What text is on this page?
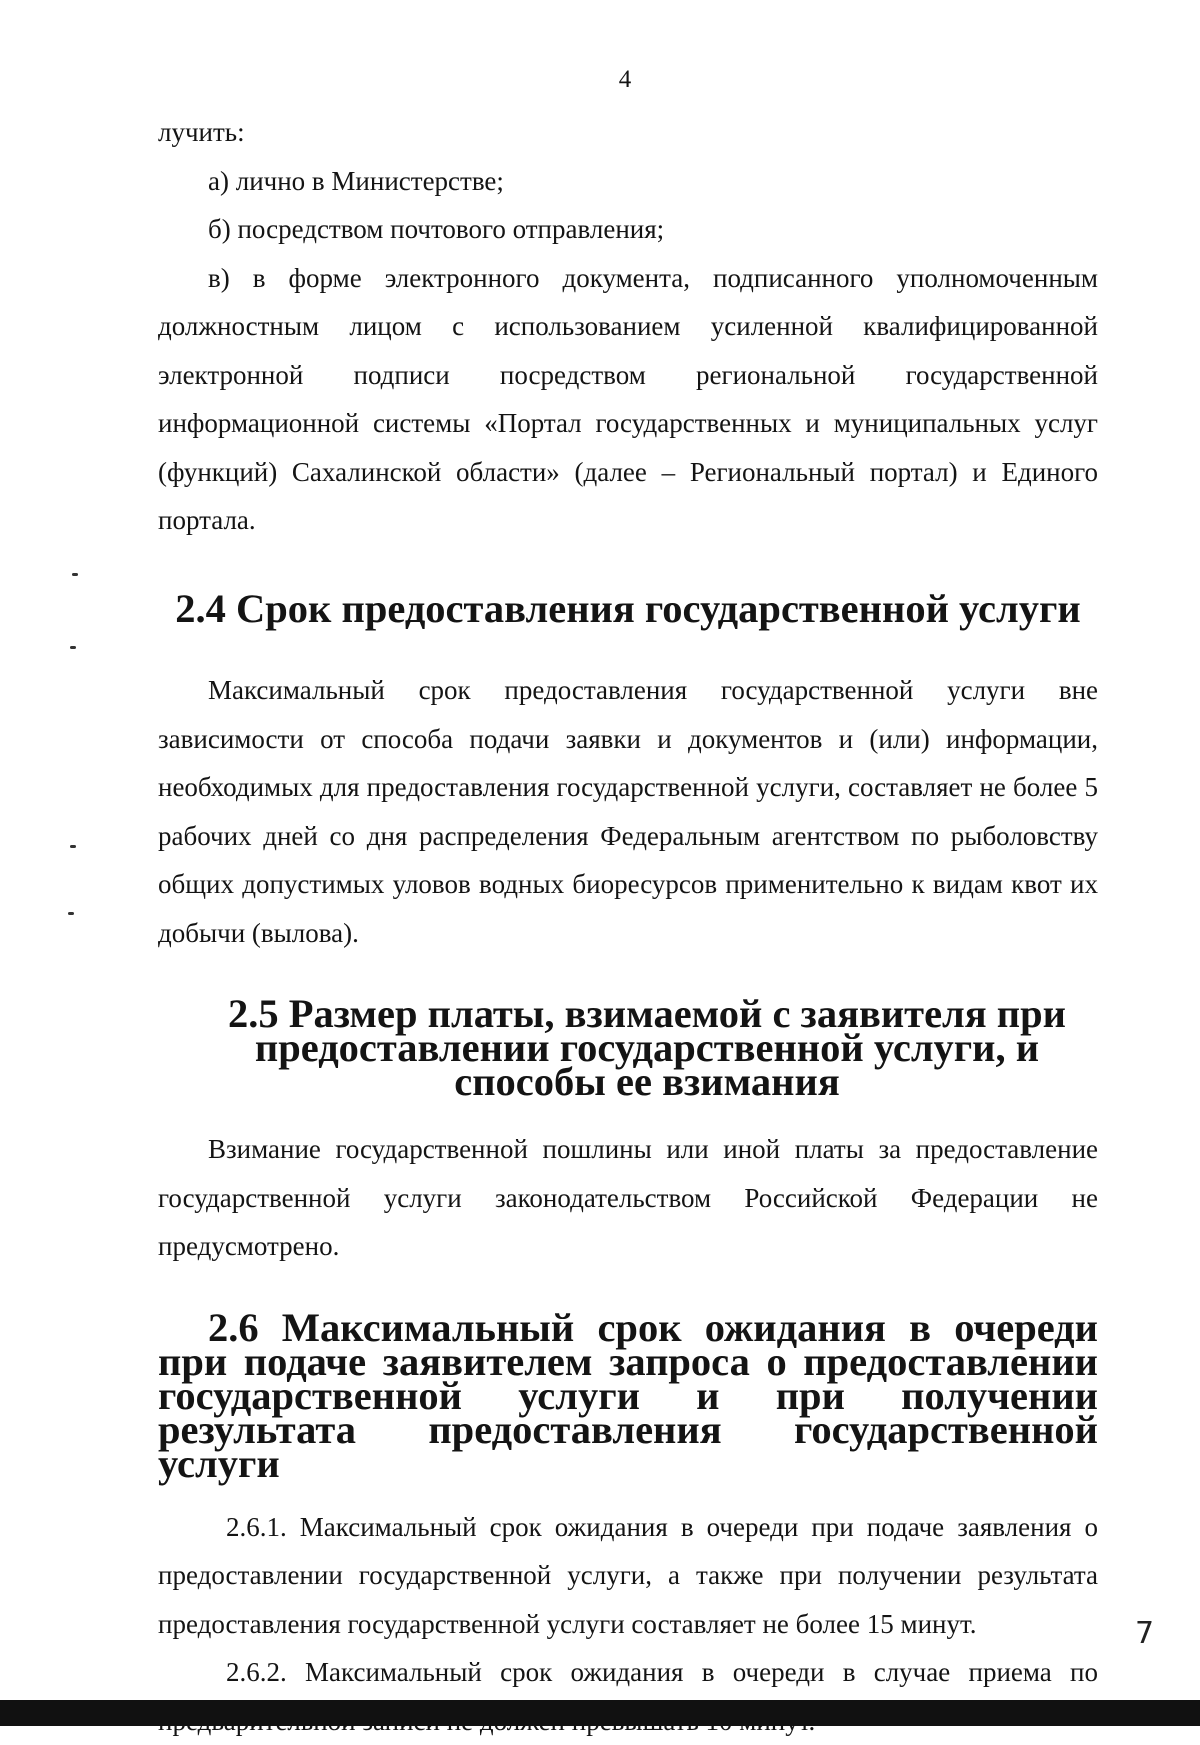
4

лучить:

а) лично в Министерстве;

б) посредством почтового отправления;

в) в форме электронного документа, подписанного уполномоченным должностным лицом с использованием усиленной квалифицированной электронной подписи посредством региональной государственной информационной системы «Портал государственных и муниципальных услуг (функций) Сахалинской области» (далее – Региональный портал) и Единого портала.

2.4 Срок предоставления государственной услуги

Максимальный срок предоставления государственной услуги вне зависимости от способа подачи заявки и документов и (или) информации, необходимых для предоставления государственной услуги, составляет не более 5 рабочих дней со дня распределения Федеральным агентством по рыболовству общих допустимых уловов водных биоресурсов применительно к видам квот их добычи (вылова).

2.5 Размер платы, взимаемой с заявителя при предоставлении государственной услуги, и способы ее взимания

Взимание государственной пошлины или иной платы за предоставление государственной услуги законодательством Российской Федерации не предусмотрено.

2.6 Максимальный срок ожидания в очереди при подаче заявителем запроса о предоставлении государственной услуги и при получении результата предоставления государственной услуги

2.6.1. Максимальный срок ожидания в очереди при подаче заявления о предоставлении государственной услуги, а также при получении результата предоставления государственной услуги составляет не более 15 минут.

2.6.2. Максимальный срок ожидания в очереди в случае приема по

7
